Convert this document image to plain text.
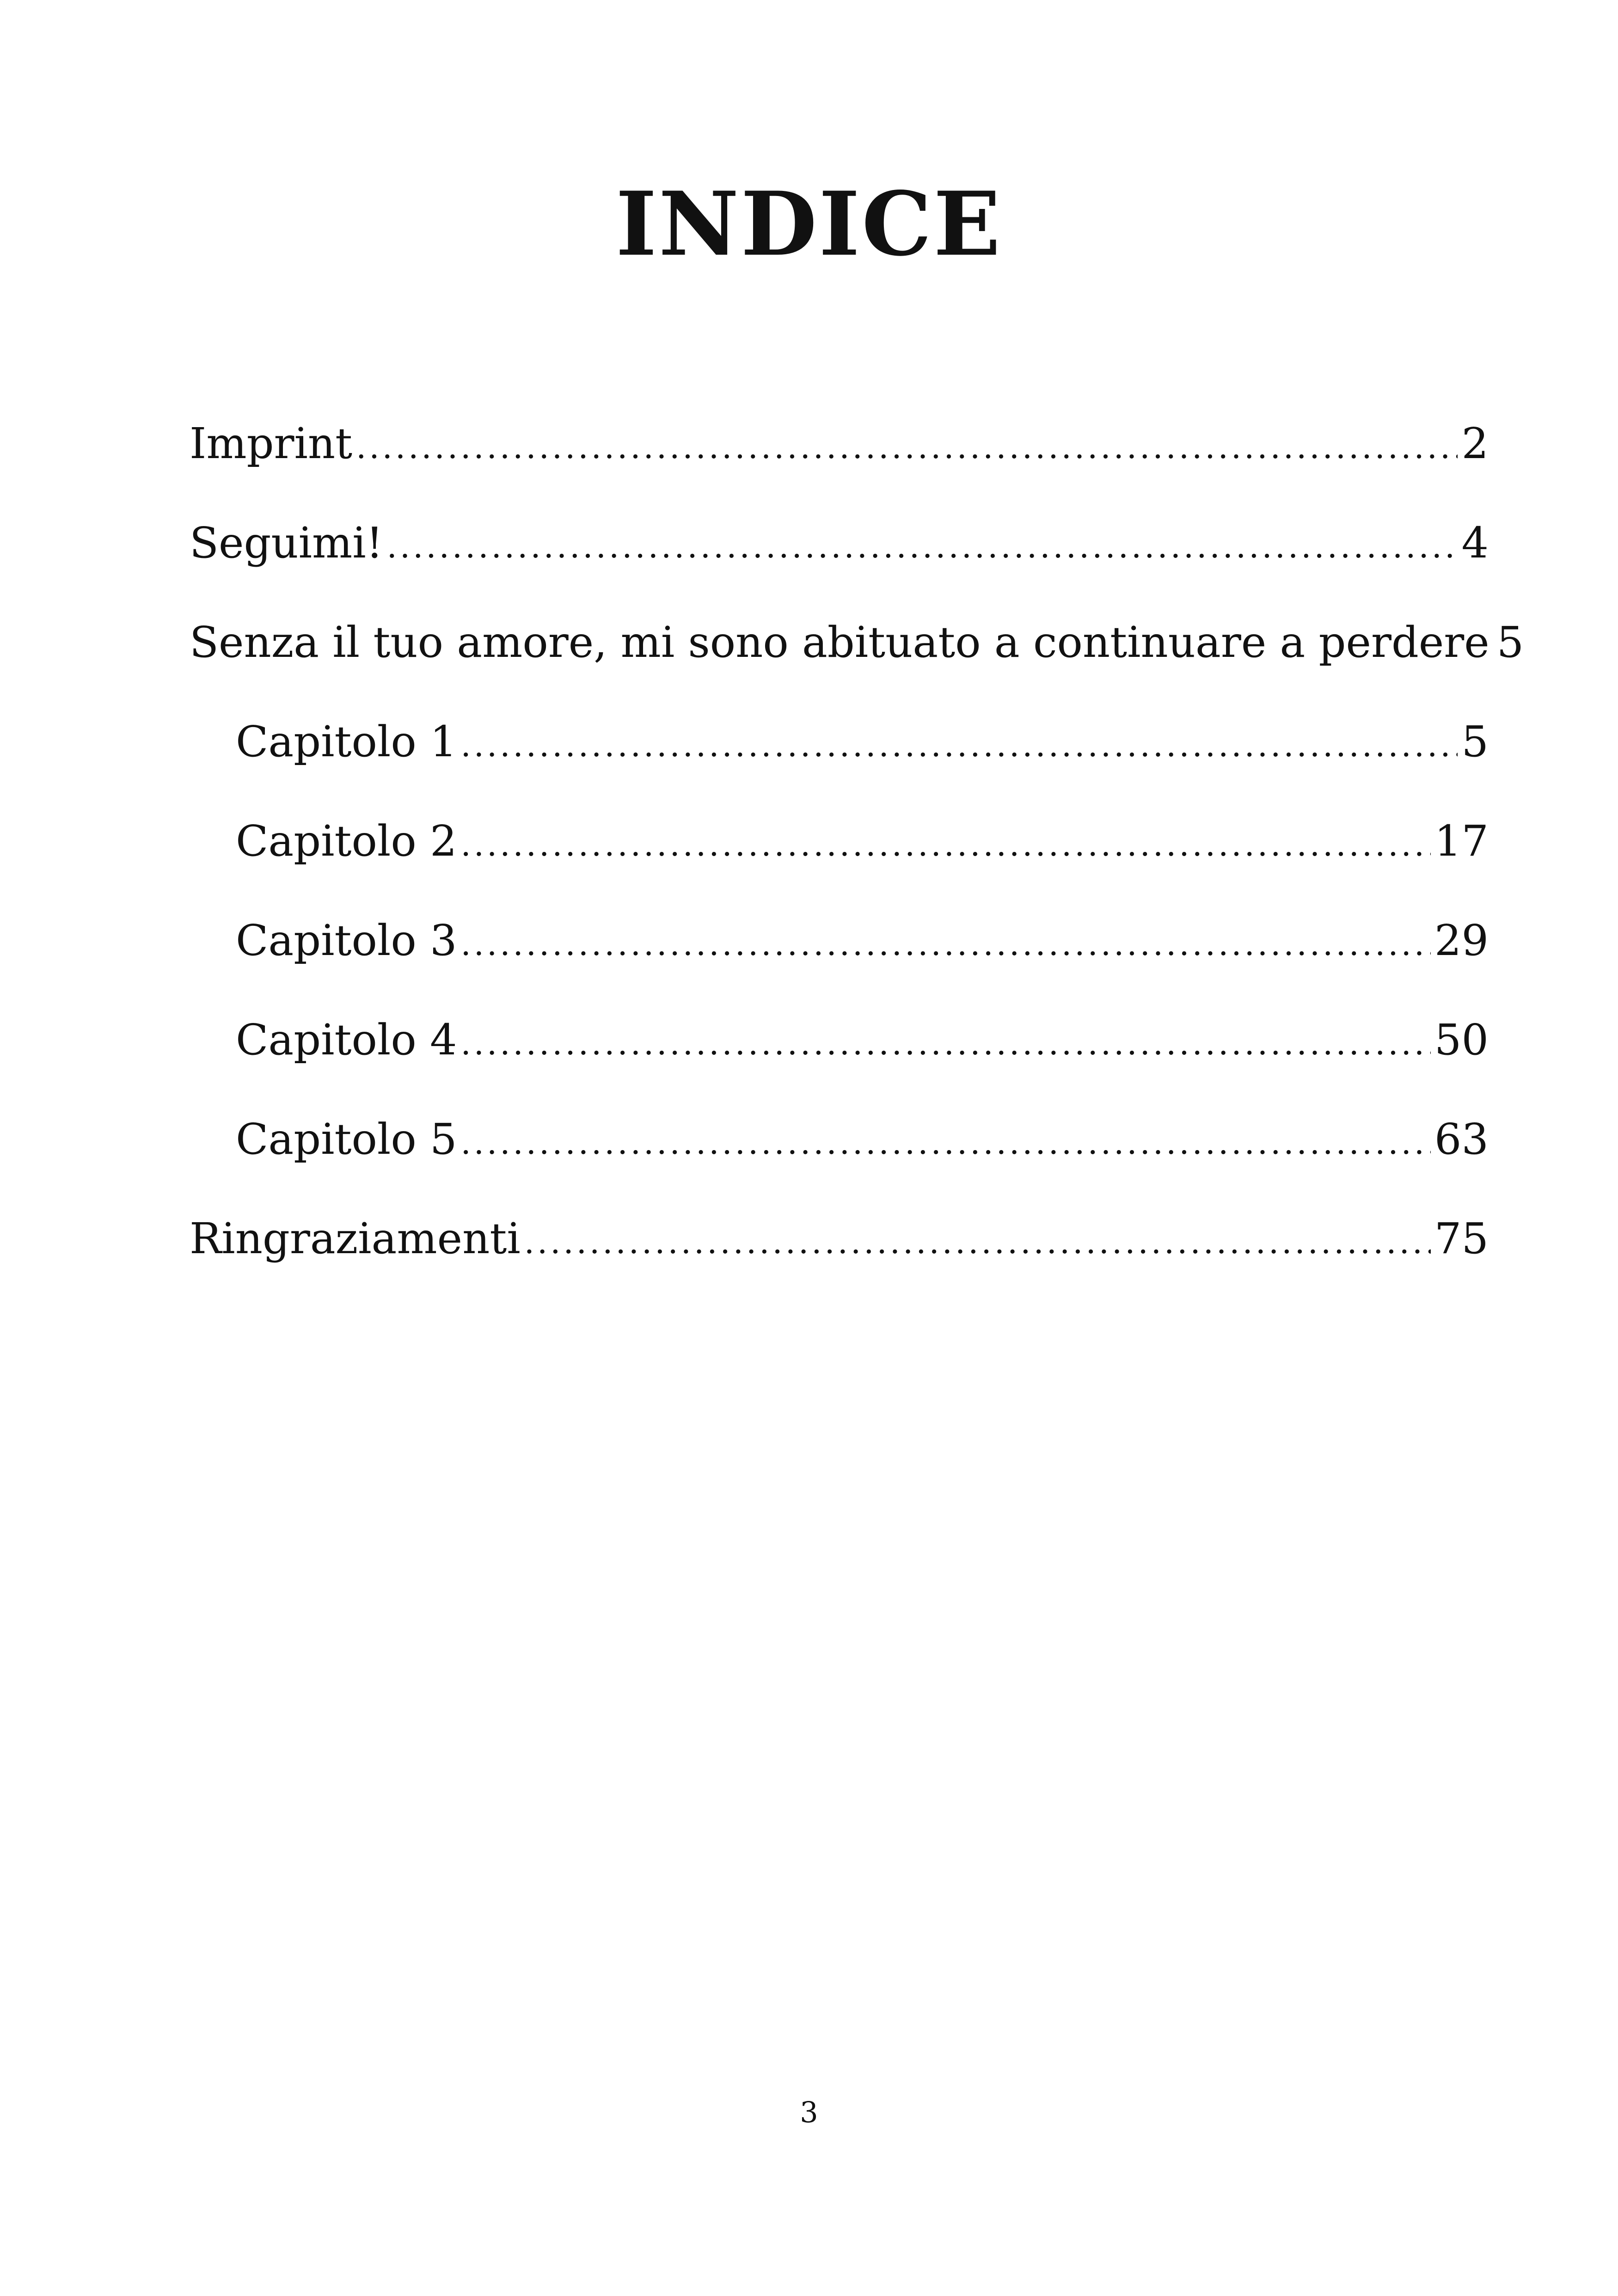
INDICE
Imprint .....	2
Seguimi! .....	4
Senza il tuo amore, mi sono abituato a continuare a perdere 5
Capitolo 1 .....	5
Capitolo 2 .....	17
Capitolo 3 .....	29
Capitolo 4 .....	50
Capitolo 5 .....	63
Ringraziamenti .....	75
3
